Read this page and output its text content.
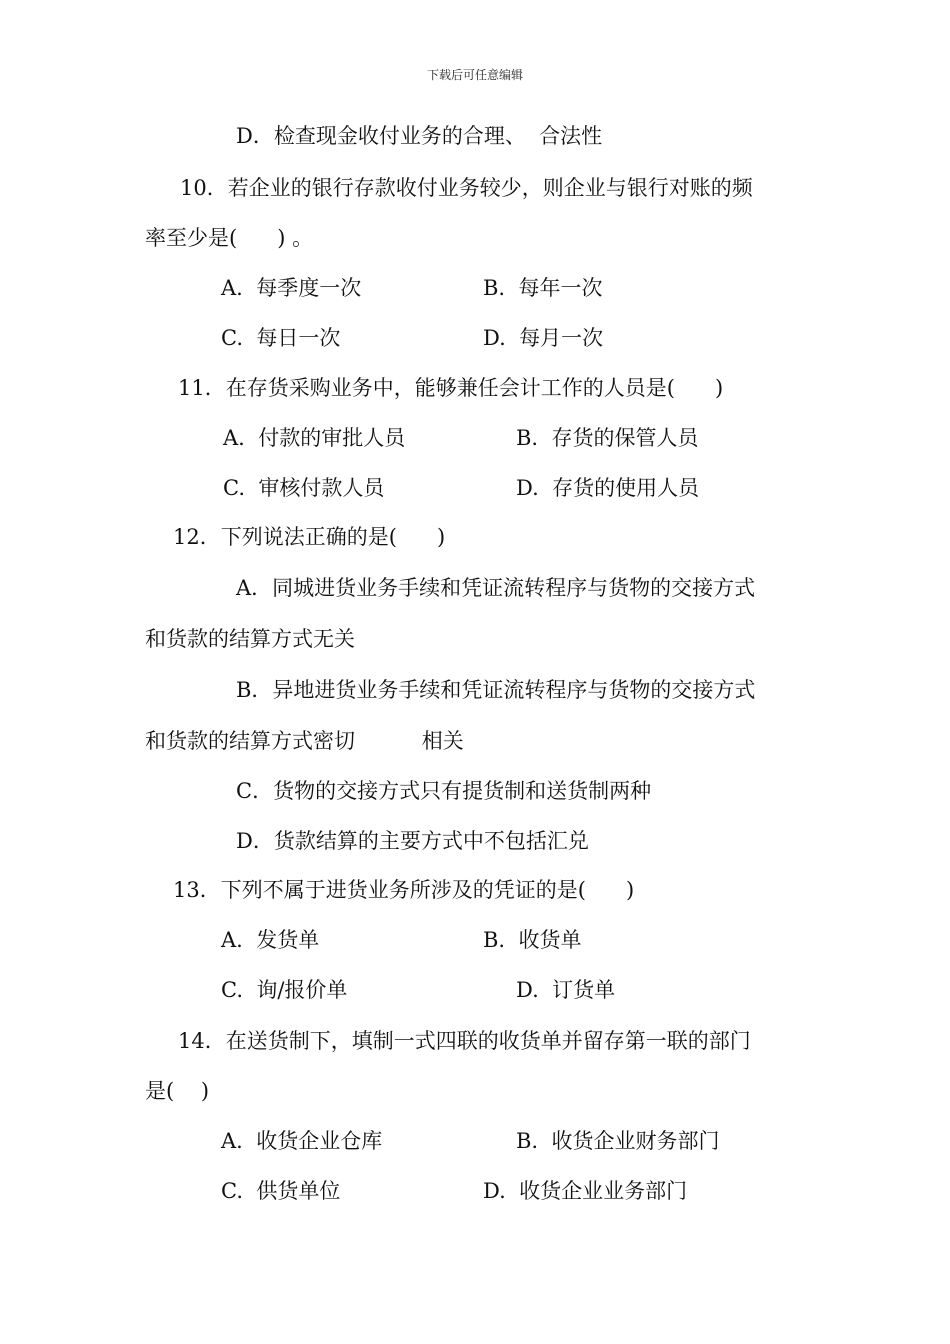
下载后可任意编辑
D．检查现金收付业务的合理、  合法性
10．若企业的银行存款收付业务较少，则企业与银行对账的频
率至少是(      ) 。
A.  每季度一次	B.  每年一次
C.  每日一次	D.  每月一次
11．在存货采购业务中，能够兼任会计工作的人员是(      )
A.  付款的审批人员	B.  存货的保管人员
C.  审核付款人员	D.  存货的使用人员
12．下列说法正确的是(      )
A．同城进货业务手续和凭证流转程序与货物的交接方式
和货款的结算方式无关
B．异地进货业务手续和凭证流转程序与货物的交接方式
和货款的结算方式密切          相关
C．货物的交接方式只有提货制和送货制两种
D．货款结算的主要方式中不包括汇兑
13．下列不属于进货业务所涉及的凭证的是(      )
A.  发货单	B.  收货单
C.  询/报价单	D.  订货单
14．在送货制下，填制一式四联的收货单并留存第一联的部门
是(    )
A.  收货企业仓库	B.  收货企业财务部门
C.  供货单位	D.  收货企业业务部门
